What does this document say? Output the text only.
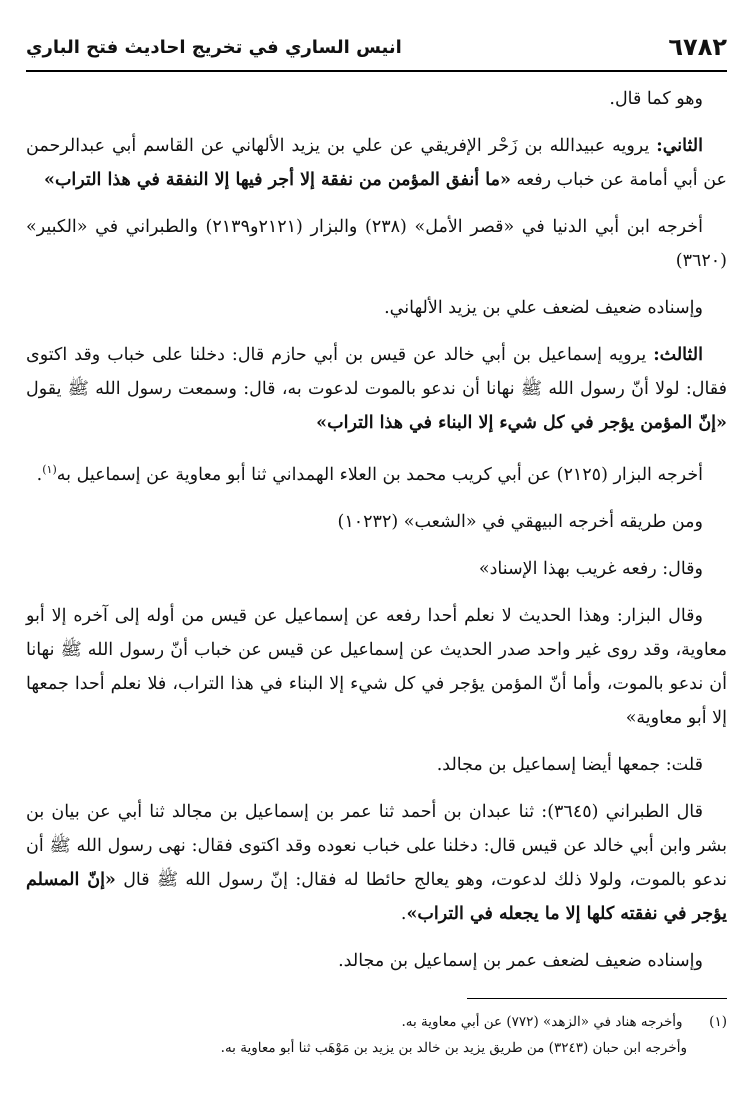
٦٧٨٢
انيس الساري في تخريج احاديث فتح الباري

وهو كما قال.

الثاني: يرويه عبيدالله بن زَحْر الإفريقي عن علي بن يزيد الألهاني عن القاسم أبي عبدالرحمن عن أبي أمامة عن خباب رفعه «ما أنفق المؤمن من نفقة إلا أجر فيها إلا النفقة في هذا التراب»

أخرجه ابن أبي الدنيا في «قصر الأمل» (٢٣٨) والبزار (٢١٢١و٢١٣٩) والطبراني في «الكبير» (٣٦٢٠)

وإسناده ضعيف لضعف علي بن يزيد الألهاني.

الثالث: يرويه إسماعيل بن أبي خالد عن قيس بن أبي حازم قال: دخلنا على خباب وقد اكتوى فقال: لولا أنّ رسول الله ﷺ نهانا أن ندعو بالموت لدعوت به، قال: وسمعت رسول الله ﷺ يقول «إنّ المؤمن يؤجر في كل شيء إلا البناء في هذا التراب»

أخرجه البزار (٢١٢٥) عن أبي كريب محمد بن العلاء الهمداني ثنا أبو معاوية عن إسماعيل به$^{(١)}$.

ومن طريقه أخرجه البيهقي في «الشعب» (١٠٢٣٢)

وقال: رفعه غريب بهذا الإسناد»

وقال البزار: وهذا الحديث لا نعلم أحدا رفعه عن إسماعيل عن قيس من أوله إلى آخره إلا أبو معاوية، وقد روى غير واحد صدر الحديث عن إسماعيل عن قيس عن خباب أنّ رسول الله ﷺ نهانا أن ندعو بالموت، وأما أنّ المؤمن يؤجر في كل شيء إلا البناء في هذا التراب، فلا نعلم أحدا جمعها إلا أبو معاوية»

قلت: جمعها أيضا إسماعيل بن مجالد.

قال الطبراني (٣٦٤٥): ثنا عبدان بن أحمد ثنا عمر بن إسماعيل بن مجالد ثنا أبي عن بيان بن بشر وابن أبي خالد عن قيس قال: دخلنا على خباب نعوده وقد اكتوى فقال: نهى رسول الله ﷺ أن ندعو بالموت، ولولا ذلك لدعوت، وهو يعالج حائطا له فقال: إنّ رسول الله ﷺ قال «إنّ المسلم يؤجر في نفقته كلها إلا ما يجعله في التراب».

وإسناده ضعيف لضعف عمر بن إسماعيل بن مجالد.

(١)  وأخرجه هناد في «الزهد» (٧٧٢) عن أبي معاوية به.
وأخرجه ابن حبان (٣٢٤٣) من طريق يزيد بن خالد بن يزيد بن مَوْهَب ثنا أبو معاوية به.
